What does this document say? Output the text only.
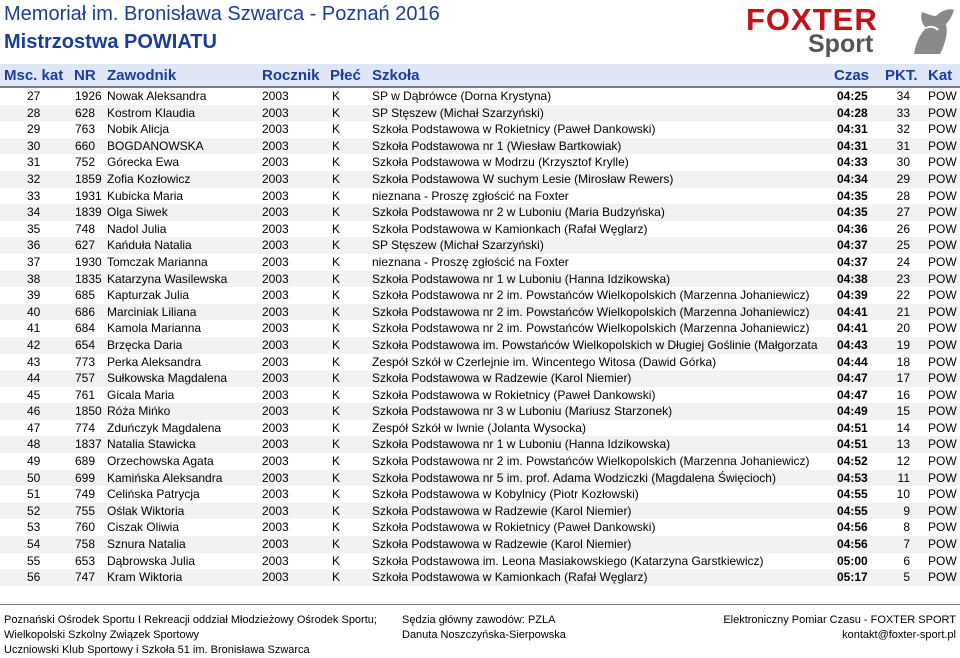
Memoriał im. Bronisława Szwarca - Poznań 2016
Mistrzostwa POWIATU
FOXTER
Sport
Msc. kat NR Zawodnik	Rocznik Płeć Szkoła	Czas PKT. Kat
27	1926 Nowak Aleksandra	2003	K	SP w Dąbrówce (Dorna Krystyna)	04:25	34 POW
28	628 Kostrom Klaudia	2003	K	SP Stęszew (Michał Szarzyński)	04:28	33 POW
29	763 Nobik Alicja	2003	K	Szkoła Podstawowa w Rokietnicy (Paweł Dankowski)	04:31	32 POW
30	660 BOGDANOWSKA	2003	K	Szkoła Podstawowa nr 1 (Wiesław Bartkowiak)	04:31	31 POW
31	752 Górecka Ewa	2003	K	Szkoła Podstawowa w Modrzu (Krzysztof Krylle)	04:33	30 POW
32	1859 Zofia Kozłowicz	2003	K	Szkoła Podstawowa W suchym Lesie (Mirosław Rewers)	04:34	29 POW
33	1931 Kubicka Maria	2003	K	nieznana - Proszę zgłościć na Foxter	04:35	28 POW
34	1839 Olga Siwek	2003	K	Szkoła Podstawowa nr 2 w Luboniu (Maria Budzyńska)	04:35	27 POW
35	748 Nadol Julia	2003	K	Szkoła Podstawowa w Kamionkach (Rafał Węglarz)	04:36	26 POW
36	627 Kańduła Natalia	2003	K	SP Stęszew (Michał Szarzyński)	04:37	25 POW
37	1930 Tomczak Marianna	2003	K	nieznana - Proszę zgłościć na Foxter	04:37	24 POW
38	1835 Katarzyna Wasilewska	2003	K	Szkoła Podstawowa nr 1 w Luboniu (Hanna Idzikowska)	04:38	23 POW
39	685 Kapturzak Julia	2003	K	Szkoła Podstawowa nr 2 im. Powstańców Wielkopolskich (Marzenna Johaniewicz)	04:39	22 POW
40	686 Marciniak Liliana	2003	K	Szkoła Podstawowa nr 2 im. Powstańców Wielkopolskich (Marzenna Johaniewicz)	04:41	21 POW
41	684 Kamola Marianna	2003	K	Szkoła Podstawowa nr 2 im. Powstańców Wielkopolskich (Marzenna Johaniewicz)	04:41	20 POW
42	654 Brzęcka Daria	2003	K	Szkoła Podstawowa im. Powstańców Wielkopolskich w Długiej Goślinie (Małgorzata	04:43	19 POW
43	773 Perka Aleksandra	2003	K	Zespół Szkół w Czerlejnie im. Wincentego Witosa (Dawid Górka)	04:44	18 POW
44	757 Sułkowska Magdalena	2003	K	Szkoła Podstawowa w Radzewie (Karol Niemier)	04:47	17 POW
45	761 Gicala Maria	2003	K	Szkoła Podstawowa w Rokietnicy (Paweł Dankowski)	04:47	16 POW
46	1850 Róża Mińko	2003	K	Szkoła Podstawowa nr 3 w Luboniu (Mariusz Starzonek)	04:49	15 POW
47	774 Zduńczyk Magdalena	2003	K	Zespół Szkół w Iwnie (Jolanta Wysocka)	04:51	14 POW
48	1837 Natalia Stawicka	2003	K	Szkoła Podstawowa nr 1 w Luboniu (Hanna Idzikowska)	04:51	13 POW
49	689 Orzechowska Agata	2003	K	Szkoła Podstawowa nr 2 im. Powstańców Wielkopolskich (Marzenna Johaniewicz)	04:52	12 POW
50	699 Kamińska Aleksandra	2003	K	Szkoła Podstawowa nr 5 im. prof. Adama Wodziczki (Magdalena Święcioch)	04:53	11 POW
51	749 Celińska Patrycja	2003	K	Szkoła Podstawowa w Kobylnicy (Piotr Kozłowski)	04:55	10 POW
52	755 Oślak Wiktoria	2003	K	Szkoła Podstawowa w Radzewie (Karol Niemier)	04:55	9 POW
53	760 Ciszak Oliwia	2003	K	Szkoła Podstawowa w Rokietnicy (Paweł Dankowski)	04:56	8 POW
54	758 Sznura Natalia	2003	K	Szkoła Podstawowa w Radzewie (Karol Niemier)	04:56	7 POW
55	653 Dąbrowska Julia	2003	K	Szkoła Podstawowa im. Leona Masiakowskiego (Katarzyna Garstkiewicz)	05:00	6 POW
56	747 Kram Wiktoria	2003	K	Szkoła Podstawowa w Kamionkach (Rafał Węglarz)	05:17	5 POW
Poznański Ośrodek Sportu I Rekreacji oddział Młodzieżowy Ośrodek Sportu;
Wielkopolski Szkolny Związek Sportowy
Uczniowski Klub Sportowy i Szkoła 51 im. Bronisława Szwarca
Sędzia główny zawodów: PZLA
Danuta Noszczyńska-Sierpowska
Elektroniczny Pomiar Czasu - FOXTER SPORT
kontakt@foxter-sport.pl
